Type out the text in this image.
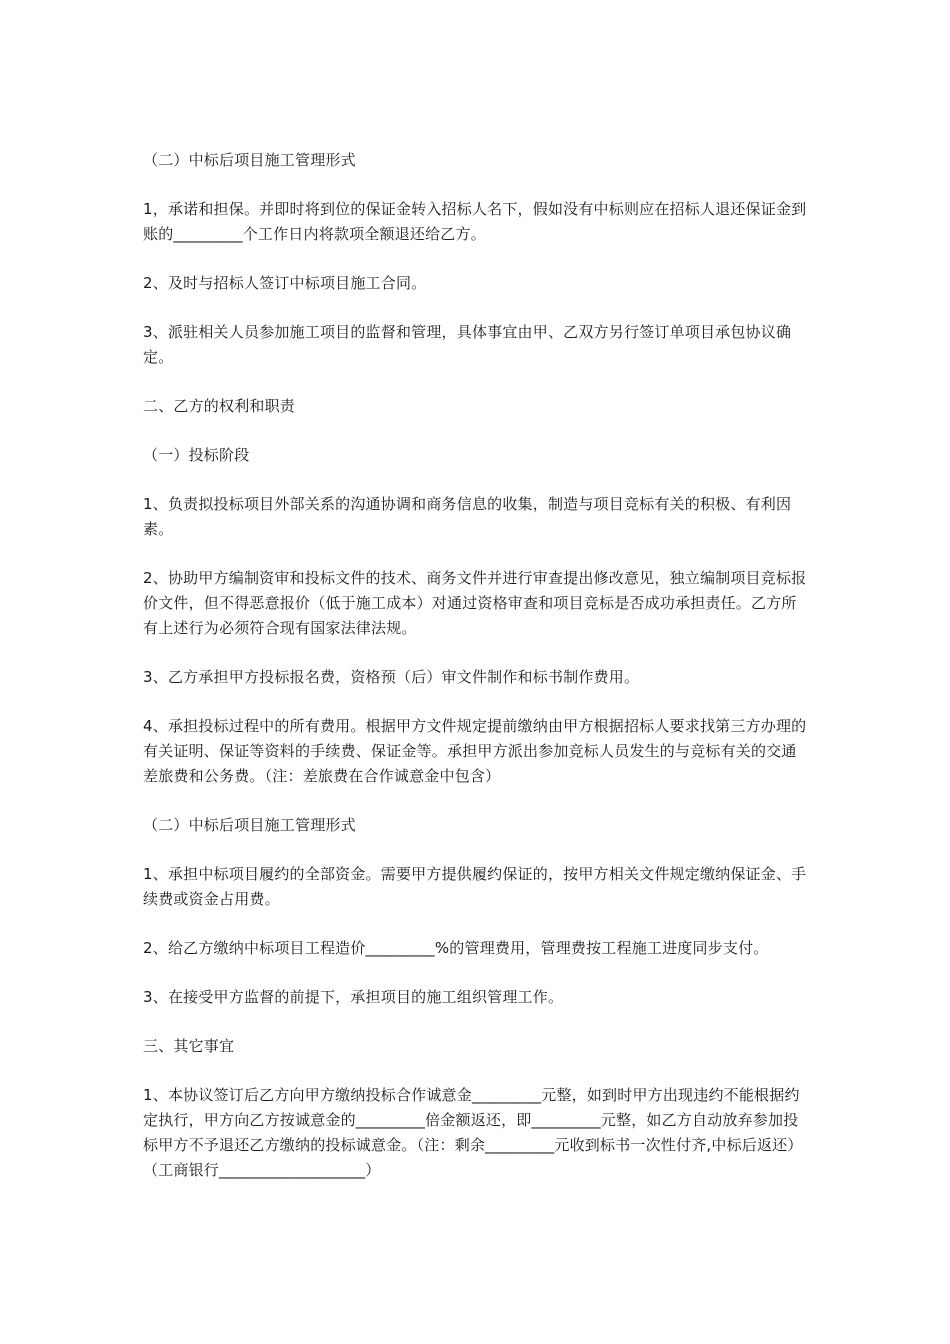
（二）中标后项目施工管理形式

1，承诺和担保。并即时将到位的保证金转入招标人名下，假如没有中标则应在招标人退还保证金到账的_________个工作日内将款项全额退还给乙方。

2、及时与招标人签订中标项目施工合同。

3、派驻相关人员参加施工项目的监督和管理，具体事宜由甲、乙双方另行签订单项目承包协议确定。

二、乙方的权利和职责

（一）投标阶段

1、负责拟投标项目外部关系的沟通协调和商务信息的收集，制造与项目竞标有关的积极、有利因素。

2、协助甲方编制资审和投标文件的技术、商务文件并进行审查提出修改意见，独立编制项目竞标报价文件，但不得恶意报价（低于施工成本）对通过资格审查和项目竞标是否成功承担责任。乙方所有上述行为必须符合现有国家法律法规。

3、乙方承担甲方投标报名费，资格预（后）审文件制作和标书制作费用。

4、承担投标过程中的所有费用。根据甲方文件规定提前缴纳由甲方根据招标人要求找第三方办理的有关证明、保证等资料的手续费、保证金等。承担甲方派出参加竞标人员发生的与竞标有关的交通差旅费和公务费。（注：差旅费在合作诚意金中包含）

（二）中标后项目施工管理形式

1、承担中标项目履约的全部资金。需要甲方提供履约保证的，按甲方相关文件规定缴纳保证金、手续费或资金占用费。

2、给乙方缴纳中标项目工程造价_________%的管理费用，管理费按工程施工进度同步支付。

3、在接受甲方监督的前提下，承担项目的施工组织管理工作。

三、其它事宜

1、本协议签订后乙方向甲方缴纳投标合作诚意金_________元整，如到时甲方出现违约不能根据约定执行，甲方向乙方按诚意金的_________倍金额返还，即_________元整，如乙方自动放弃参加投标甲方不予退还乙方缴纳的投标诚意金。（注：剩余_________元收到标书一次性付齐,中标后返还）（工商银行___________________）
